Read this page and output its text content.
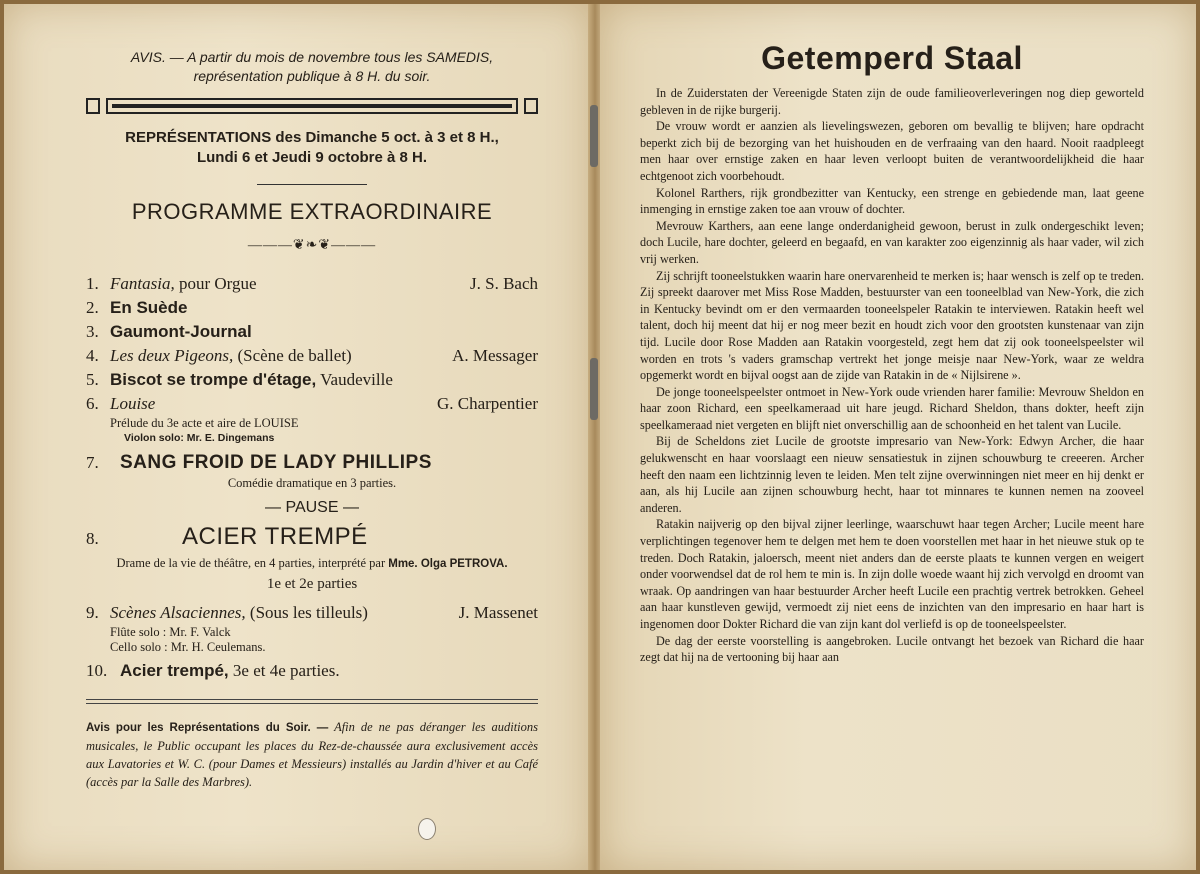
AVIS. — A partir du mois de novembre tous les SAMEDIS,
représentation publique à 8 H. du soir.

REPRÉSENTATIONS des Dimanche 5 oct. à 3 et 8 H.,
Lundi 6 et Jeudi 9 octobre à 8 H.

PROGRAMME EXTRAORDINAIRE
———❦❧❦———
1. Fantasia, pour Orgue	J. S. Bach
2. En Suède
3. Gaumont-Journal
4. Les deux Pigeons, (Scène de ballet)	A. Messager
5. Biscot se trompe d'étage, Vaudeville
6. Louise	G. Charpentier
Prélude du 3e acte et aire de LOUISE
Violon solo: Mr. E. Dingemans
7.	SANG FROID DE LADY PHILLIPS
Comédie dramatique en 3 parties.
— PAUSE —
8.	ACIER TREMPÉ
Drame de la vie de théâtre, en 4 parties, interprété par Mme. Olga PETROVA.
1e et 2e parties
9. Scènes Alsaciennes, (Sous les tilleuls)	J. Massenet
Flûte solo : Mr. F. Valck
Cello solo : Mr. H. Ceulemans.
10. Acier trempé, 3e et 4e parties.
Avis pour les Représentations du Soir. — Afin de ne pas déranger les auditions musicales, le Public occupant les places du Rez-de-chaussée aura exclusivement accès aux Lavatories et W. C. (pour Dames et Messieurs) installés au Jardin d'hiver et au Café (accès par la Salle des Marbres).
Getemperd Staal

In de Zuiderstaten der Vereenigde Staten zijn de oude familieoverleveringen nog diep geworteld gebleven in de rijke burgerij.

De vrouw wordt er aanzien als lievelingswezen, geboren om bevallig te blijven; hare opdracht beperkt zich bij de bezorging van het huishouden en de verfraaing van den haard. Nooit raadpleegt men haar over ernstige zaken en haar leven verloopt buiten de verantwoordelijkheid die haar echtgenoot zich voorbehoudt.

Kolonel Rarthers, rijk grondbezitter van Kentucky, een strenge en gebiedende man, laat geene inmenging in ernstige zaken toe aan vrouw of dochter.

Mevrouw Karthers, aan eene lange onderdanigheid gewoon, berust in zulk ondergeschikt leven; doch Lucile, hare dochter, geleerd en begaafd, en van karakter zoo eigenzinnig als haar vader, wil zich vrij werken.

Zij schrijft tooneelstukken waarin hare onervarenheid te merken is; haar wensch is zelf op te treden. Zij spreekt daarover met Miss Rose Madden, bestuurster van een tooneelblad van New-York, die zich in Kentucky bevindt om er den vermaarden tooneelspeler Ratakin te interviewen. Ratakin heeft wel talent, doch hij meent dat hij er nog meer bezit en houdt zich voor den grootsten kunstenaar van zijn tijd. Lucile door Rose Madden aan Ratakin voorgesteld, zegt hem dat zij ook tooneelspeelster wil worden en trots 's vaders gramschap vertrekt het jonge meisje naar New-York, waar ze weldra opgemerkt wordt en bijval oogst aan de zijde van Ratakin in de « Nijlsirene ».

De jonge tooneelspeelster ontmoet in New-York oude vrienden harer familie: Mevrouw Sheldon en haar zoon Richard, een speelkameraad uit hare jeugd. Richard Sheldon, thans dokter, heeft zijn speelkameraad niet vergeten en blijft niet onverschillig aan de schoonheid en het talent van Lucile.

Bij de Scheldons ziet Lucile de grootste impresario van New-York: Edwyn Archer, die haar gelukwenscht en haar voorslaagt een nieuw sensatiestuk in zijnen schouwburg te creeeren. Archer heeft den naam een lichtzinnig leven te leiden. Men telt zijne overwinningen niet meer en hij denkt er aan, als hij Lucile aan zijnen schouwburg hecht, haar tot minnares te kunnen nemen na zooveel anderen.

Ratakin naijverig op den bijval zijner leerlinge, waarschuwt haar tegen Archer; Lucile meent hare verplichtingen tegenover hem te delgen met hem te doen voorstellen met haar in het nieuwe stuk op te treden. Doch Ratakin, jaloersch, meent niet anders dan de eerste plaats te kunnen vergen en weigert onder voorwendsel dat de rol hem te min is. In zijn dolle woede waant hij zich vervolgd en droomt van wraak. Op aandringen van haar bestuurder Archer heeft Lucile een prachtig vertrek betrokken. Geheel aan haar kunstleven gewijd, vermoedt zij niet eens de inzichten van den impresario en haar hart is ingenomen door Dokter Richard die van zijn kant dol verliefd is op de tooneelspeelster.

De dag der eerste voorstelling is aangebroken. Lucile ontvangt het bezoek van Richard die haar zegt dat hij na de vertooning bij haar aan
